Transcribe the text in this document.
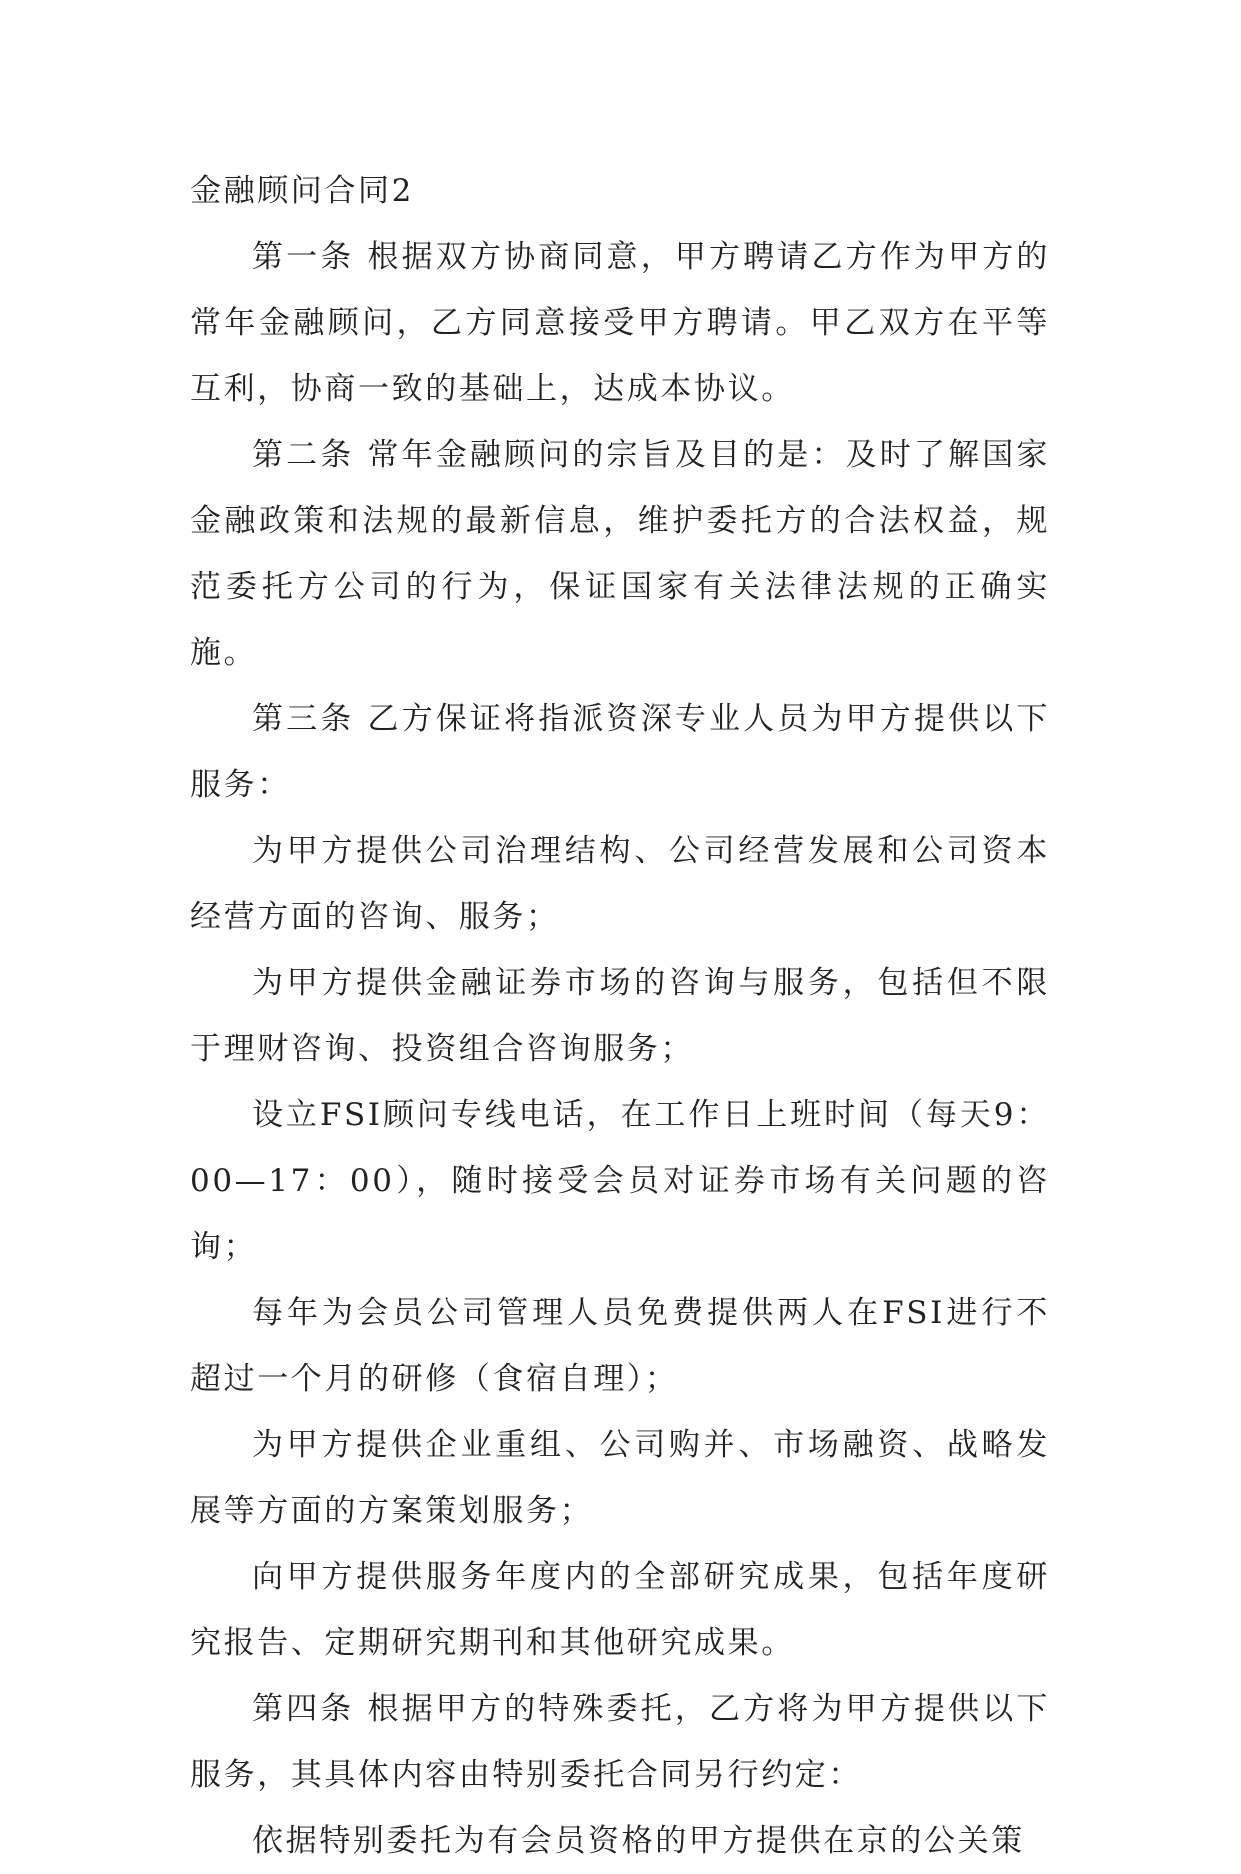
金融顾问合同2

第一条 根据双方协商同意，甲方聘请乙方作为甲方的常年金融顾问，乙方同意接受甲方聘请。甲乙双方在平等互利，协商一致的基础上，达成本协议。

第二条 常年金融顾问的宗旨及目的是：及时了解国家金融政策和法规的最新信息，维护委托方的合法权益，规范委托方公司的行为，保证国家有关法律法规的正确实施。

第三条 乙方保证将指派资深专业人员为甲方提供以下服务：

为甲方提供公司治理结构、公司经营发展和公司资本经营方面的咨询、服务；

为甲方提供金融证券市场的咨询与服务，包括但不限于理财咨询、投资组合咨询服务；

设立FSI顾问专线电话，在工作日上班时间（每天9：00—17：00），随时接受会员对证券市场有关问题的咨询；

每年为会员公司管理人员免费提供两人在FSI进行不超过一个月的研修（食宿自理）；

为甲方提供企业重组、公司购并、市场融资、战略发展等方面的方案策划服务；

向甲方提供服务年度内的全部研究成果，包括年度研究报告、定期研究期刊和其他研究成果。

第四条 根据甲方的特殊委托，乙方将为甲方提供以下服务，其具体内容由特别委托合同另行约定：

依据特别委托为有会员资格的甲方提供在京的公关策
